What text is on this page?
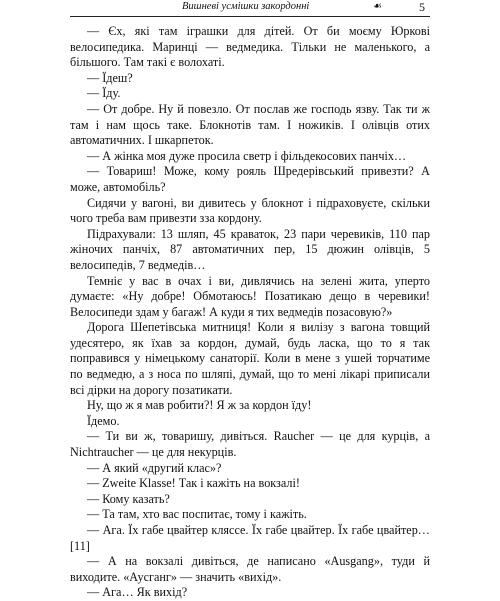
Вишневі усмішки закордонні	☙	5

— Єх, які там іграшки для дітей. От би моєму Юркові велосипедика. Маринці — ведмедика. Тільки не маленького, а більшого. Там такі є волохаті.

— Їдеш?

— Їду.

— От добре. Ну й повезло. От послав же господь язву. Так ти ж там і нам щось таке. Блокнотів там. І ножиків. І олівців отих автоматичних. І шкарпеток.

— А жінка моя дуже просила светр і фільдекосових панчіх…

— Товариш! Може, кому рояль Шредерівський привезти? А може, автомобіль?

Сидячи у вагоні, ви дивитесь у блокнот і підраховуєте, скільки чого треба вам привезти зза кордону.

Підрахували: 13 шляп, 45 краваток, 23 пари черевиків, 110 пар жіночих панчіх, 87 автоматичних пер, 15 дюжин олівців, 5 велосипедів, 7 ведмедів…

Темніє у вас в очах і ви, дивлячись на зелені жита, уперто думаєте: «Ну добре! Обмотаюсь! Позатикаю дещо в черевики! Велосипеди здам у багаж! А куди я тих ведмедів позасовую?»

Дорога Шепетівська митниця! Коли я вилізу з вагона товщий удесятеро, як їхав за кордон, думай, будь ласка, що то я так поправився у німецькому санаторії. Коли в мене з ушей торчатиме по ведмедю, а з носа по шляпі, думай, що то мені лікарі приписали всі дірки на дорогу позатикати.

Ну, що ж я мав робити?! Я ж за кордон їду!

Їдемо.

— Ти ви ж, товаришу, дивіться. Raucher — це для курців, а Nichtraucher — це для некурців.

— А який «другий клас»?

— Zweite Klasse! Так і кажіть на вокзалі!

— Кому казать?

— Та там, хто вас поспитає, тому і кажіть.

— Ага. Їх габе цвайтер кляссе. Їх габе цвайтер. Їх габе цвайтер…[11]

— А на вокзалі дивіться, де написано «Ausgang», туди й виходите. «Аусганг» — значить «вихід».

— Ага… Як вихід?
